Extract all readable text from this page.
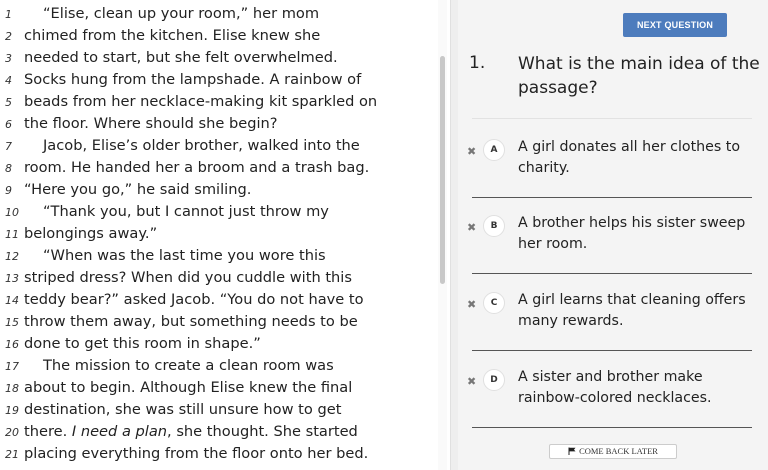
1	“Elise, clean up your room,” her mom
2 chimed from the kitchen. Elise knew she
3 needed to start, but she felt overwhelmed.
4 Socks hung from the lampshade. A rainbow of
5 beads from her necklace-making kit sparkled on
6 the floor. Where should she begin?
7	Jacob, Elise’s older brother, walked into the
8 room. He handed her a broom and a trash bag.
9 “Here you go,” he said smiling.
10 “Thank you, but I cannot just throw my
11 belongings away.”
12 “When was the last time you wore this
13 striped dress? When did you cuddle with this
14 teddy bear?” asked Jacob. “You do not have to
15 throw them away, but something needs to be
16 done to get this room in shape.”
17 The mission to create a clean room was
18 about to begin. Although Elise knew the final
19 destination, she was still unsure how to get
20 there. I need a plan, she thought. She started
21 placing everything from the floor onto her bed.
NEXT QUESTION
1. What is the main idea of the passage?
✖	A	A girl donates all her clothes to charity.
✖	B	A brother helps his sister sweep her room.
✖	C	A girl learns that cleaning offers many rewards.
✖	D	A sister and brother make rainbow-colored necklaces.
COME BACK LATER
